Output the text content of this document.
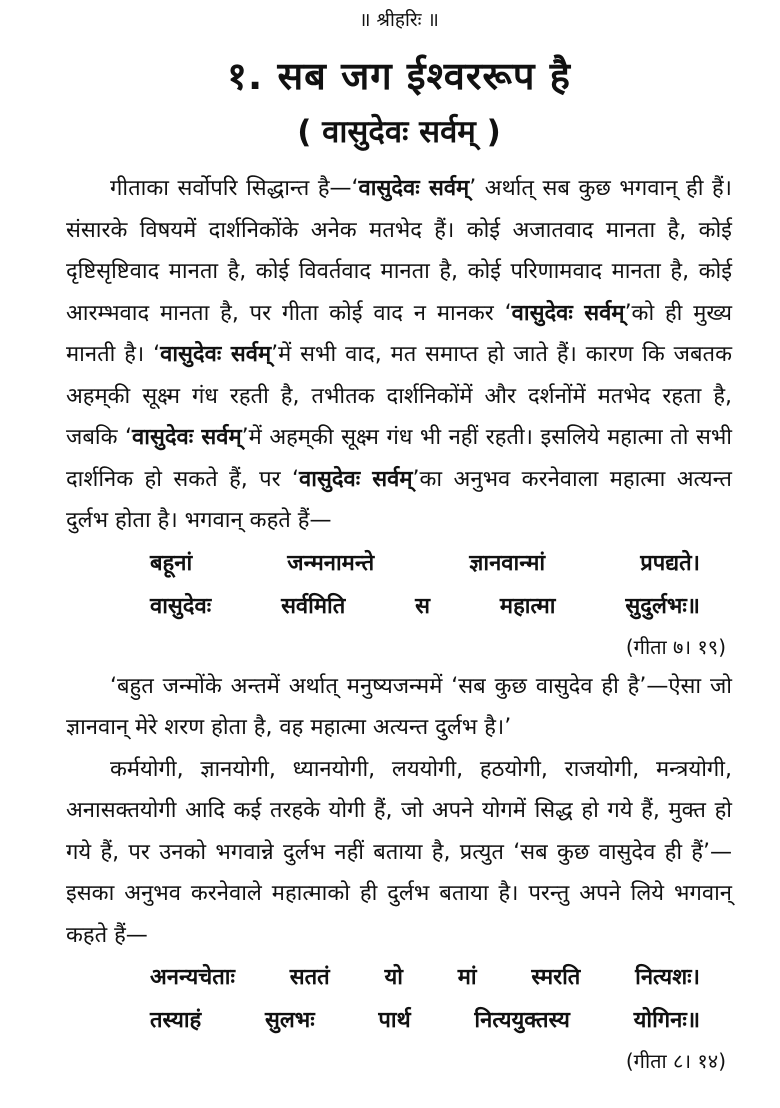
॥ श्रीहरिः ॥
१. सब जग ईश्वररूप है
( वासुदेवः सर्वम् )

गीताका सर्वोपरि सिद्धान्त है—‘वासुदेवः सर्वम्’ अर्थात् सब कुछ भगवान् ही हैं। संसारके विषयमें दार्शनिकोंके अनेक मतभेद हैं। कोई अजातवाद मानता है, कोई दृष्टिसृष्टिवाद मानता है, कोई विवर्तवाद मानता है, कोई परिणामवाद मानता है, कोई आरम्भवाद मानता है, पर गीता कोई वाद न मानकर ‘वासुदेवः सर्वम्’को ही मुख्य मानती है। ‘वासुदेवः सर्वम्’में सभी वाद, मत समाप्त हो जाते हैं। कारण कि जबतक अहम्‌की सूक्ष्म गंध रहती है, तभीतक दार्शनिकोंमें और दर्शनोंमें मतभेद रहता है, जबकि ‘वासुदेवः सर्वम्’में अहम्‌की सूक्ष्म गंध भी नहीं रहती। इसलिये महात्मा तो सभी दार्शनिक हो सकते हैं, पर ‘वासुदेवः सर्वम्’का अनुभव करनेवाला महात्मा अत्यन्त दुर्लभ होता है। भगवान् कहते हैं—

बहूनां	जन्मनामन्ते	ज्ञानवान्मां	प्रपद्यते।
वासुदेवः	सर्वमिति	स	महात्मा	सुदुर्लभः॥
(गीता ७। १९)

‘बहुत जन्मोंके अन्तमें अर्थात् मनुष्यजन्ममें ‘सब कुछ वासुदेव ही है’—ऐसा जो ज्ञानवान् मेरे शरण होता है, वह महात्मा अत्यन्त दुर्लभ है।’

कर्मयोगी, ज्ञानयोगी, ध्यानयोगी, लययोगी, हठयोगी, राजयोगी, मन्त्रयोगी, अनासक्तयोगी आदि कई तरहके योगी हैं, जो अपने योगमें सिद्ध हो गये हैं, मुक्त हो गये हैं, पर उनको भगवान्ने दुर्लभ नहीं बताया है, प्रत्युत ‘सब कुछ वासुदेव ही हैं’—इसका अनुभव करनेवाले महात्माको ही दुर्लभ बताया है। परन्तु अपने लिये भगवान् कहते हैं—

अनन्यचेताः सततं यो मां स्मरति नित्यशः।
तस्याहं	सुलभः	पार्थ	नित्ययुक्तस्य	योगिनः॥
(गीता ८। १४)
